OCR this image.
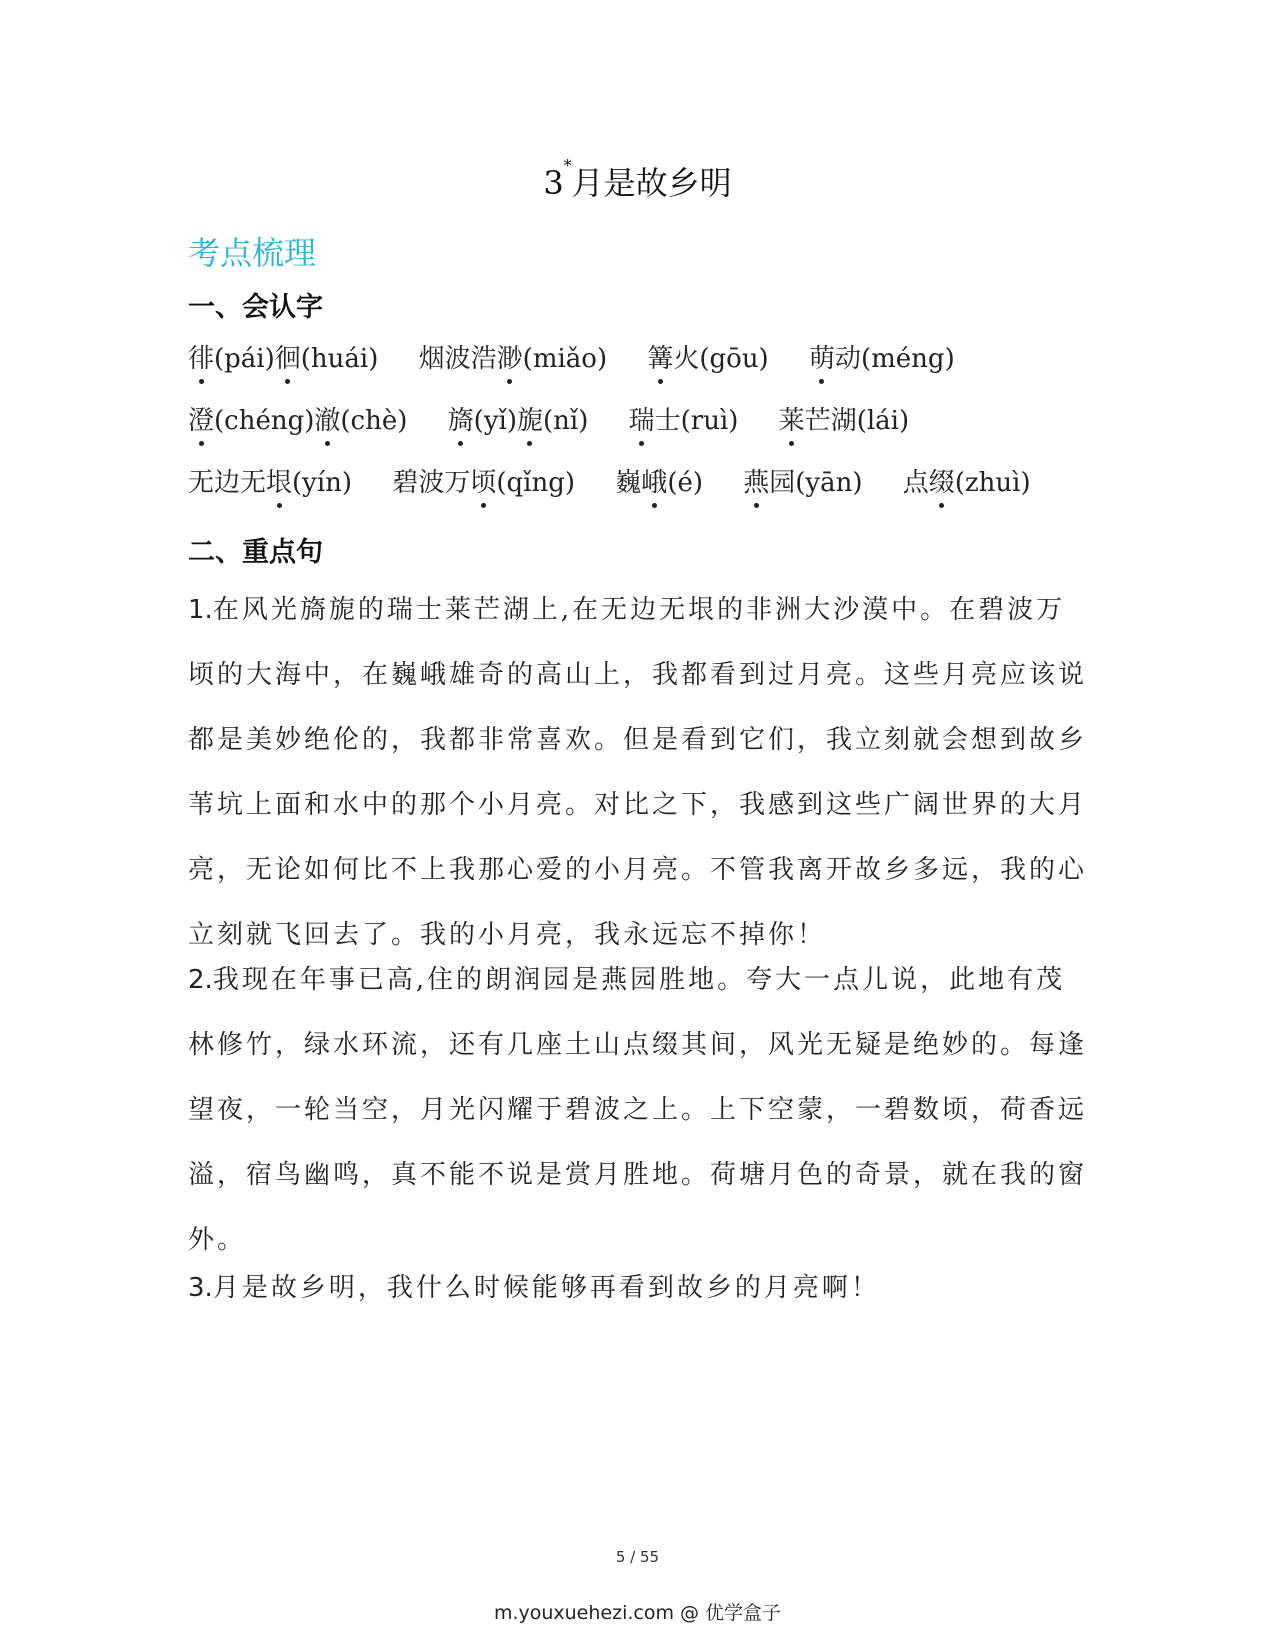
3*月是故乡明
考点梳理
一、会认字
徘(pái)徊(huái) 烟波浩渺(miǎo) 篝火(gōu) 萌动(méng)
澄(chéng)澈(chè) 旖(yǐ)旎(nǐ) 瑞士(ruì) 莱芒湖(lái)
无边无垠(yín) 碧波万顷(qǐng) 巍峨(é) 燕园(yān) 点缀(zhuì)
二、重点句
1.在风光旖旎的瑞士莱芒湖上,在无边无垠的非洲大沙漠中。在碧波万顷的大海中，在巍峨雄奇的高山上，我都看到过月亮。这些月亮应该说都是美妙绝伦的，我都非常喜欢。但是看到它们，我立刻就会想到故乡苇坑上面和水中的那个小月亮。对比之下，我感到这些广阔世界的大月亮，无论如何比不上我那心爱的小月亮。不管我离开故乡多远，我的心立刻就飞回去了。我的小月亮，我永远忘不掉你！
2.我现在年事已高,住的朗润园是燕园胜地。夸大一点儿说，此地有茂林修竹，绿水环流，还有几座土山点缀其间，风光无疑是绝妙的。每逢望夜，一轮当空，月光闪耀于碧波之上。上下空蒙，一碧数顷，荷香远溢，宿鸟幽鸣，真不能不说是赏月胜地。荷塘月色的奇景，就在我的窗外。
3.月是故乡明，我什么时候能够再看到故乡的月亮啊！
5 / 55
m.youxuehezi.com @ 优学盒子
